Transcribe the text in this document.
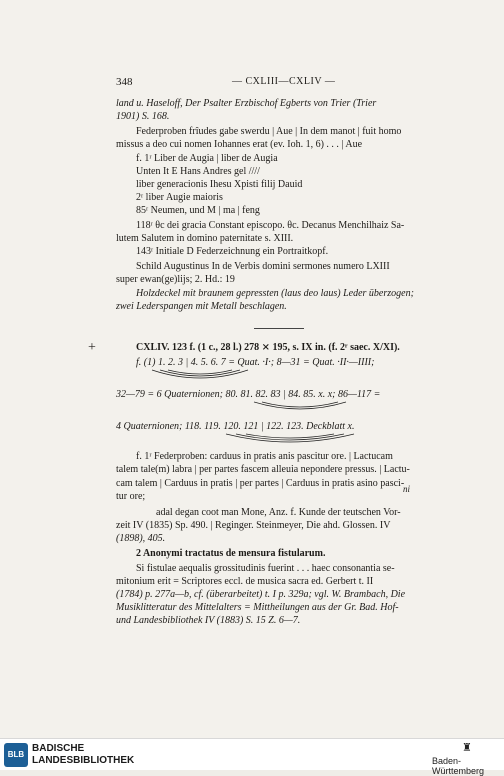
348	— CXLIII—CXLIV —
land u. Haseloff, Der Psalter Erzbischof Egberts von Trier (Trier
1901) S. 168.
Federproben frîudes gabe swerdu | Aue | In dem manot | fuit homo
missus a deo cui nomen Iohannes erat (ev. Ioh. 1, 6) . . . | Aue
f. 1ʳ Liber de Augia | liber de Augia
Unten It E Hans Andres gel ////
liber generacionis Ihesu Xpisti filij Dauid
2ʳ liber Augie maioris
85ʳ Neumen, und M | ma | feng
118ʳ θc dei gracia Constant episcopo. θc. Decanus Menchilhaiz Sa-
lutem Salutem in domino paternitate s. XIII.
143ʳ Initiale D Federzeichnung ein Portraitkopf.
Schild Augustinus In de Verbis domini sermones numero LXIII
super ewan(ge)lijs; 2. Hd.: 19
Holzdeckel mit braunem gepressten (laus deo laus) Leder überzogen;
zwei Lederspangen mit Metall beschlagen.
+	CXLIV. 123 f. (1 c., 28 l.) 278 ⨯ 195, s. IX in. (f. 2ʳ saec. X/XI).
f. (1) 1. 2. 3 | 4. 5. 6. 7 = Quat. ·I·; 8—31 = Quat. ·II·—IIII;
32—79 = 6 Quaternionen; 80. 81. 82. 83 | 84. 85. x. x; 86—117 =
4 Quaternionen; 118. 119. 120. 121 | 122. 123. Deckblatt x.
f. 1ʳ Federproben: carduus in pratis anis pascitur ore. | Lactucam
talem tale(m) labra | per partes fascem alleuia nepondere pressus. | Lactu-
cam talem | Carduus in pratis | per partes | Carduus in pratis asino pasci-
ni
tur ore;
adal degan coot man Mone, Anz. f. Kunde der teutschen Vor-
zeit IV (1835) Sp. 490. | Reginger. Steinmeyer, Die ahd. Glossen. IV
(1898), 405.
2 Anonymi tractatus de mensura fistularum.
Si fistulae aequalis grossitudinis fuerint . . . haec consonantia se-
mitonium erit = Scriptores eccl. de musica sacra ed. Gerbert t. II
(1784) p. 277a—b, cf. (überarbeitet) t. I p. 329a; vgl. W. Brambach, Die
Musiklitteratur des Mittelalters = Mittheilungen aus der Gr. Bad. Hof-
und Landesbibliothek IV (1883) S. 15 Z. 6—7.
BLB
BADISCHE
LANDESBIBLIOTHEK
♜
Baden-Württemberg
